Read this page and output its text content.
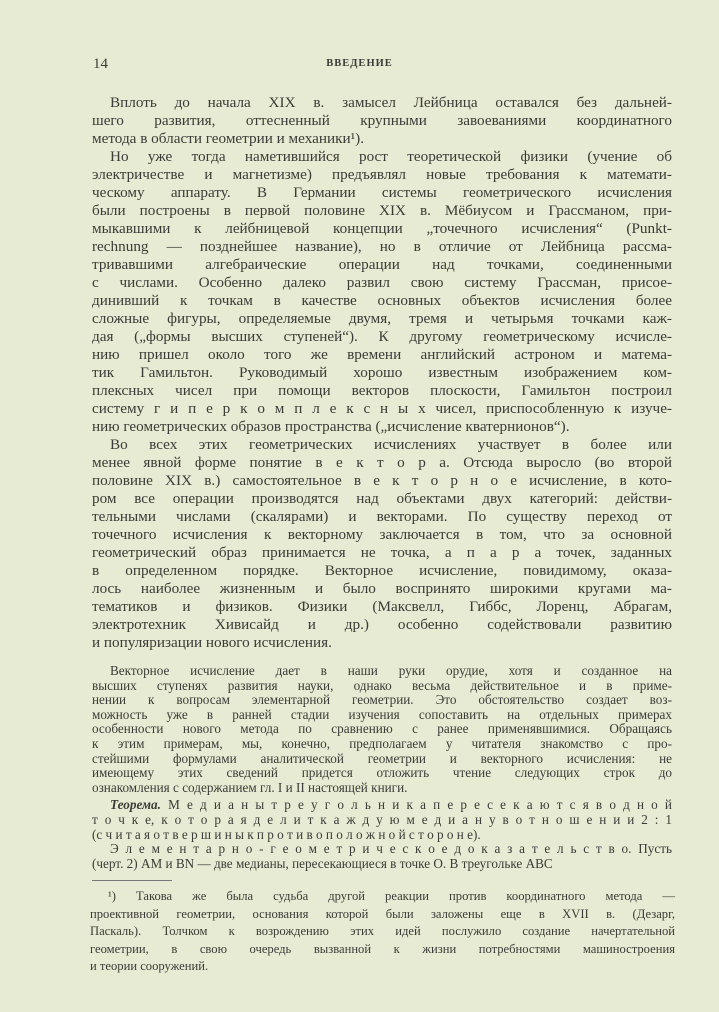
14	ВВЕДЕНИЕ
Вплоть до начала XIX в. замысел Лейбница оставался без дальней-
шего развития, оттесненный крупными завоеваниями координатного
метода в области геометрии и механики¹).
Но уже тогда наметившийся рост теоретической физики (учение об
электричестве и магнетизме) предъявлял новые требования к математи-
ческому аппарату. В Германии системы геометрического исчисления
были построены в первой половине XIX в. Мёбиусом и Грассманом, при-
мыкавшими к лейбницевой концепции „точечного исчисления“ (Punkt-
rechnung — позднейшее название), но в отличие от Лейбница рассма-
тривавшими алгебраические операции над точками, соединенными
с числами. Особенно далеко развил свою систему Грассман, присое-
динивший к точкам в качестве основных объектов исчисления более
сложные фигуры, определяемые двумя, тремя и четырьмя точками каж-
дая („формы высших ступеней“). К другому геометрическому исчисле-
нию пришел около того же времени английский астроном и матема-
тик Гамильтон. Руководимый хорошо известным изображением ком-
плексных чисел при помощи векторов плоскости, Гамильтон построил
систему г и п е р к о м п л е к с н ы х чисел, приспособленную к изуче-
нию геометрических образов пространства („исчисление кватернионов“).
Во всех этих геометрических исчислениях участвует в более или
менее явной форме понятие в е к т о р а. Отсюда выросло (во второй
половине XIX в.) самостоятельное в е к т о р н о е исчисление, в кото-
ром все операции производятся над объектами двух категорий: действи-
тельными числами (скалярами) и векторами. По существу переход от
точечного исчисления к векторному заключается в том, что за основной
геометрический образ принимается не точка, а п а р а точек, заданных
в определенном порядке. Векторное исчисление, повидимому, оказа-
лось наиболее жизненным и было воспринято широкими кругами ма-
тематиков и физиков. Физики (Максвелл, Гиббс, Лоренц, Абрагам,
электротехник Хивисайд и др.) особенно содействовали развитию
и популяризации нового исчисления.
Векторное исчисление дает в наши руки орудие, хотя и созданное на
высших ступенях развития науки, однако весьма действительное и в приме-
нении к вопросам элементарной геометрии. Это обстоятельство создает воз-
можность уже в ранней стадии изучения сопоставить на отдельных примерах
особенности нового метода по сравнению с ранее применявшимися. Обращаясь
к этим примерам, мы, конечно, предполагаем у читателя знакомство с про-
стейшими формулами аналитической геометрии и векторного исчисления: не
имеющему этих сведений придется отложить чтение следующих строк до
ознакомления с содержанием гл. I и II настоящей книги.
Теорема. М е д и а н ы т р е у г о л ь н и к а п е р е с е к а ю т с я в о д н о й
т о ч к е, к о т о р а я д е л и т к а ж д у ю м е д и а н у в о т н о ш е н и и 2 : 1
(с ч и т а я о т в е р ш и н ы к п р о т и в о п о л о ж н о й с т о р о н е).
Э л е м е н т а р н о - г е о м е т р и ч е с к о е д о к а з а т е л ь с т в о. Пусть
(черт. 2) AM и BN — две медианы, пересекающиеся в точке O. В треугольке ABC
¹) Такова же была судьба другой реакции против координатного метода —
проективной геометрии, основания которой были заложены еще в XVII в. (Дезарг,
Паскаль). Толчком к возрождению этих идей послужило создание начертательной
геометрии, в свою очередь вызванной к жизни потребностями машиностроения
и теории сооружений.
